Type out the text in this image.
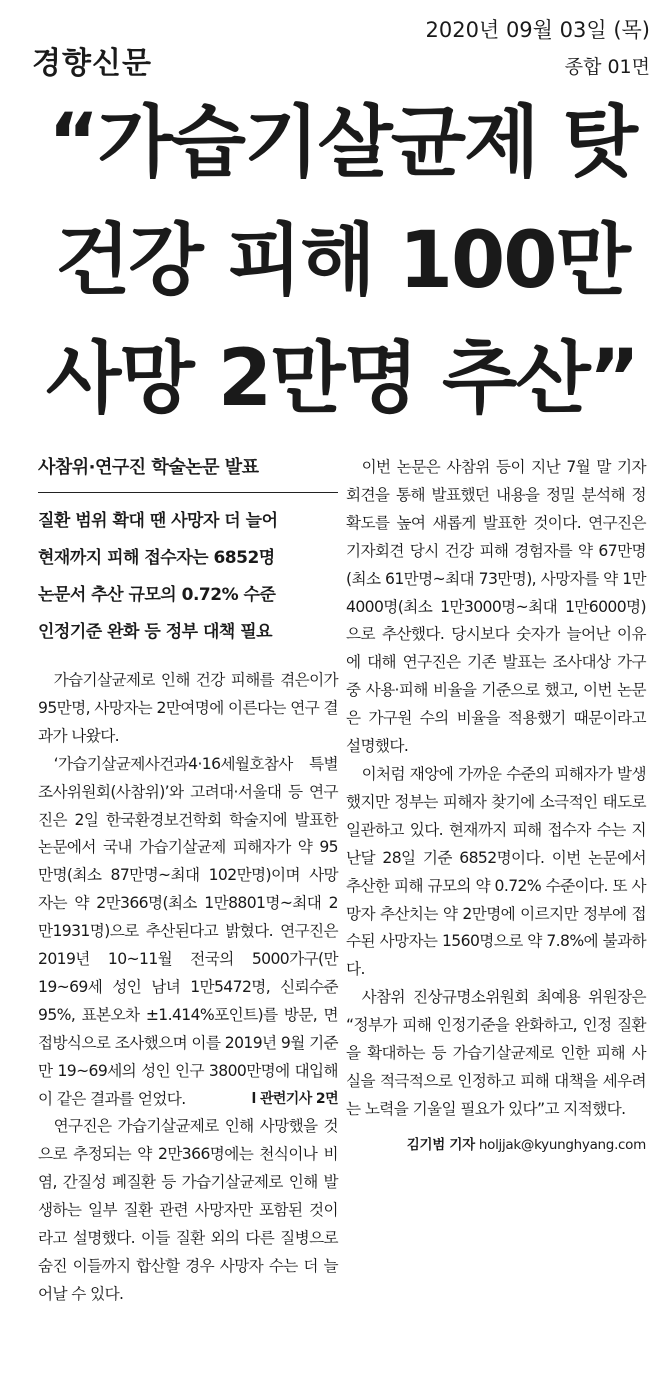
경향신문
2020년 09월 03일 (목)
종합 01면
“가습기살균제 탓
건강 피해 100만
사망 2만명 추산”
사참위·연구진 학술논문 발표
질환 범위 확대 땐 사망자 더 늘어
현재까지 피해 접수자는 6852명
논문서 추산 규모의 0.72% 수준
인정기준 완화 등 정부 대책 필요

가습기살균제로 인해 건강 피해를 겪은이가 95만명, 사망자는 2만여명에 이른다는 연구 결과가 나왔다.

‘가습기살균제사건과4·16세월호참사 특별조사위원회(사참위)’와 고려대·서울대 등 연구진은 2일 한국환경보건학회 학술지에 발표한 논문에서 국내 가습기살균제 피해자가 약 95만명(최소 87만명~최대 102만명)이며 사망자는 약 2만366명(최소 1만8801명~최대 2만1931명)으로 추산된다고 밝혔다. 연구진은 2019년 10~11월 전국의 5000가구(만 19~69세 성인 남녀 1만5472명, 신뢰수준 95%, 표본오차 ±1.414%포인트)를 방문, 면접방식으로 조사했으며 이를 2019년 9월 기준 만 19~69세의 성인 인구 3800만명에 대입해 이 같은 결과를 얻었다.	l 관련기사 2면

연구진은 가습기살균제로 인해 사망했을 것으로 추정되는 약 2만366명에는 천식이나 비염, 간질성 폐질환 등 가습기살균제로 인해 발생하는 일부 질환 관련 사망자만 포함된 것이라고 설명했다. 이들 질환 외의 다른 질병으로 숨진 이들까지 합산할 경우 사망자 수는 더 늘어날 수 있다.

이번 논문은 사참위 등이 지난 7월 말 기자회견을 통해 발표했던 내용을 정밀 분석해 정확도를 높여 새롭게 발표한 것이다. 연구진은 기자회견 당시 건강 피해 경험자를 약 67만명(최소 61만명~최대 73만명), 사망자를 약 1만4000명(최소 1만3000명~최대 1만6000명)으로 추산했다. 당시보다 숫자가 늘어난 이유에 대해 연구진은 기존 발표는 조사대상 가구 중 사용·피해 비율을 기준으로 했고, 이번 논문은 가구원 수의 비율을 적용했기 때문이라고 설명했다.

이처럼 재앙에 가까운 수준의 피해자가 발생했지만 정부는 피해자 찾기에 소극적인 태도로 일관하고 있다. 현재까지 피해 접수자 수는 지난달 28일 기준 6852명이다. 이번 논문에서 추산한 피해 규모의 약 0.72% 수준이다. 또 사망자 추산치는 약 2만명에 이르지만 정부에 접수된 사망자는 1560명으로 약 7.8%에 불과하다.

사참위 진상규명소위원회 최예용 위원장은 “정부가 피해 인정기준을 완화하고, 인정 질환을 확대하는 등 가습기살균제로 인한 피해 사실을 적극적으로 인정하고 피해 대책을 세우려는 노력을 기울일 필요가 있다”고 지적했다.

김기범 기자 holjjak@kyunghyang.com
